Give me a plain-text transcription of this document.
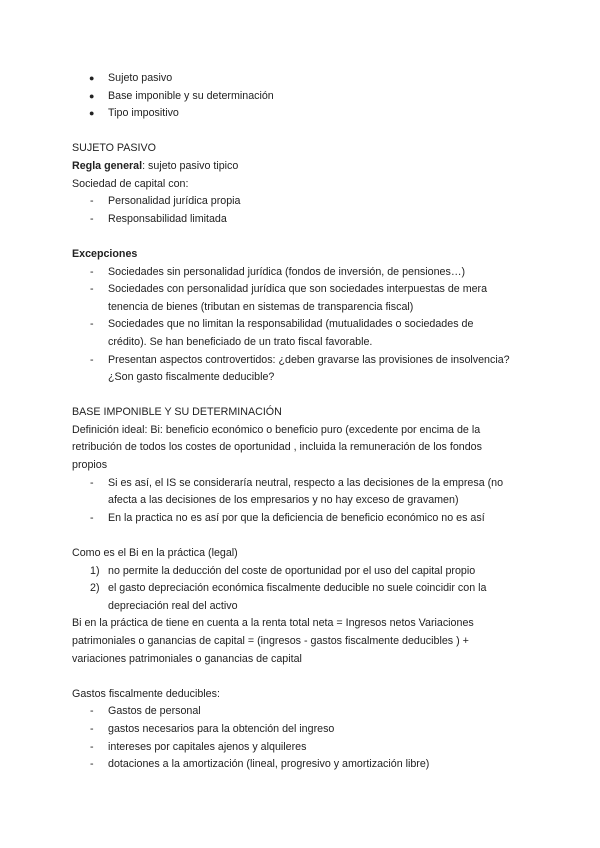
● Sujeto pasivo
● Base imponible y su determinación
● Tipo impositivo
SUJETO PASIVO
Regla general: sujeto pasivo tipico
Sociedad de capital con:
- Personalidad jurídica propia
- Responsabilidad limitada
Excepciones
- Sociedades sin personalidad jurídica (fondos de inversión, de pensiones…)
- Sociedades con personalidad jurídica que son sociedades interpuestas de mera
tenencia de bienes (tributan en sistemas de transparencia fiscal)
- Sociedades que no limitan la responsabilidad (mutualidades o sociedades de
crédito). Se han beneficiado de un trato fiscal favorable.
- Presentan aspectos controvertidos: ¿deben gravarse las provisiones de insolvencia?
¿Son gasto fiscalmente deducible?
BASE IMPONIBLE Y SU DETERMINACIÓN
Definición ideal: Bi: beneficio económico o beneficio puro (excedente por encima de la
retribución de todos los costes de oportunidad , incluida la remuneración de los fondos
propios
- Si es así, el IS se consideraría neutral, respecto a las decisiones de la empresa (no
afecta a las decisiones de los empresarios y no hay exceso de gravamen)
- En la practica no es así por que la deficiencia de beneficio económico no es así
Como es el Bi en la práctica (legal)
1) no permite la deducción del coste de oportunidad por el uso del capital propio
2) el gasto depreciación económica fiscalmente deducible no suele coincidir con la
depreciación real del activo
Bi en la práctica de tiene en cuenta a la renta total neta = Ingresos netos Variaciones
patrimoniales o ganancias de capital = (ingresos - gastos fiscalmente deducibles ) +
variaciones patrimoniales o ganancias de capital
Gastos fiscalmente deducibles:
- Gastos de personal
- gastos necesarios para la obtención del ingreso
- intereses por capitales ajenos y alquileres
- dotaciones a la amortización (lineal, progresivo y amortización libre)
